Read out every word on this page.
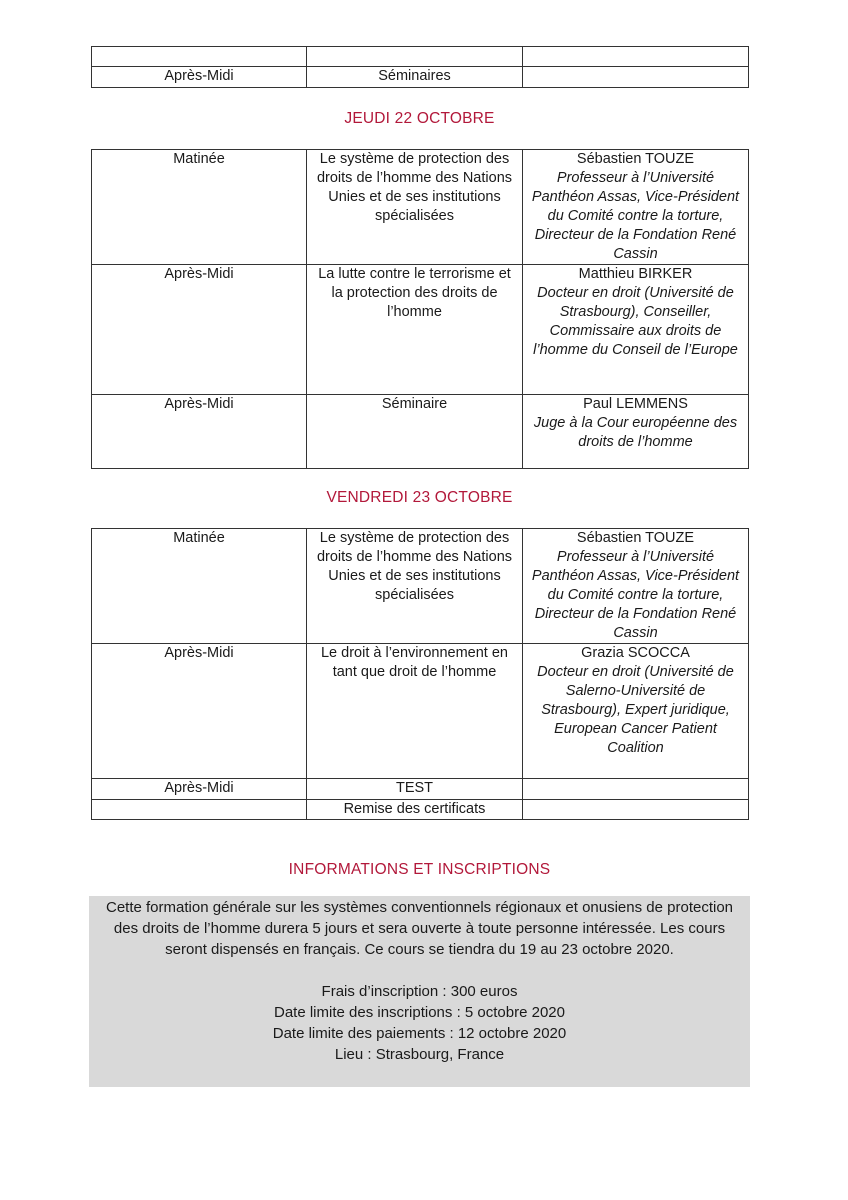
Après-Midi	Séminaires	
JEUDI 22 OCTOBRE
Matinée	Le système de protection des droits de l’homme des Nations Unies et de ses institutions spécialisées	Sébastien TOUZE
Professeur à l’Université Panthéon Assas, Vice-Président du Comité contre la torture, Directeur de la Fondation René Cassin

Après-Midi	La lutte contre le terrorisme et la protection des droits de l’homme	Matthieu BIRKER
Docteur en droit (Université de Strasbourg), Conseiller, Commissaire aux droits de l’homme du Conseil de l’Europe

Après-Midi	Séminaire	Paul LEMMENS
Juge à la Cour européenne des droits de l’homme
VENDREDI 23 OCTOBRE
Matinée	Le système de protection des droits de l’homme des Nations Unies et de ses institutions spécialisées	Sébastien TOUZE
Professeur à l’Université Panthéon Assas, Vice-Président du Comité contre la torture, Directeur de la Fondation René Cassin

Après-Midi	Le droit à l’environnement en tant que droit de l’homme	Grazia SCOCCA
Docteur en droit (Université de Salerno-Université de Strasbourg), Expert juridique, European Cancer Patient Coalition

Après-Midi	TEST	

	Remise des certificats	
INFORMATIONS ET INSCRIPTIONS

Cette formation générale sur les systèmes conventionnels régionaux et onusiens de protection des droits de l’homme durera 5 jours et sera ouverte à toute personne intéressée. Les cours seront dispensés en français. Ce cours se tiendra du 19 au 23 octobre 2020.

Frais d’inscription : 300 euros

Date limite des inscriptions : 5 octobre 2020

Date limite des paiements : 12 octobre 2020

Lieu : Strasbourg, France
